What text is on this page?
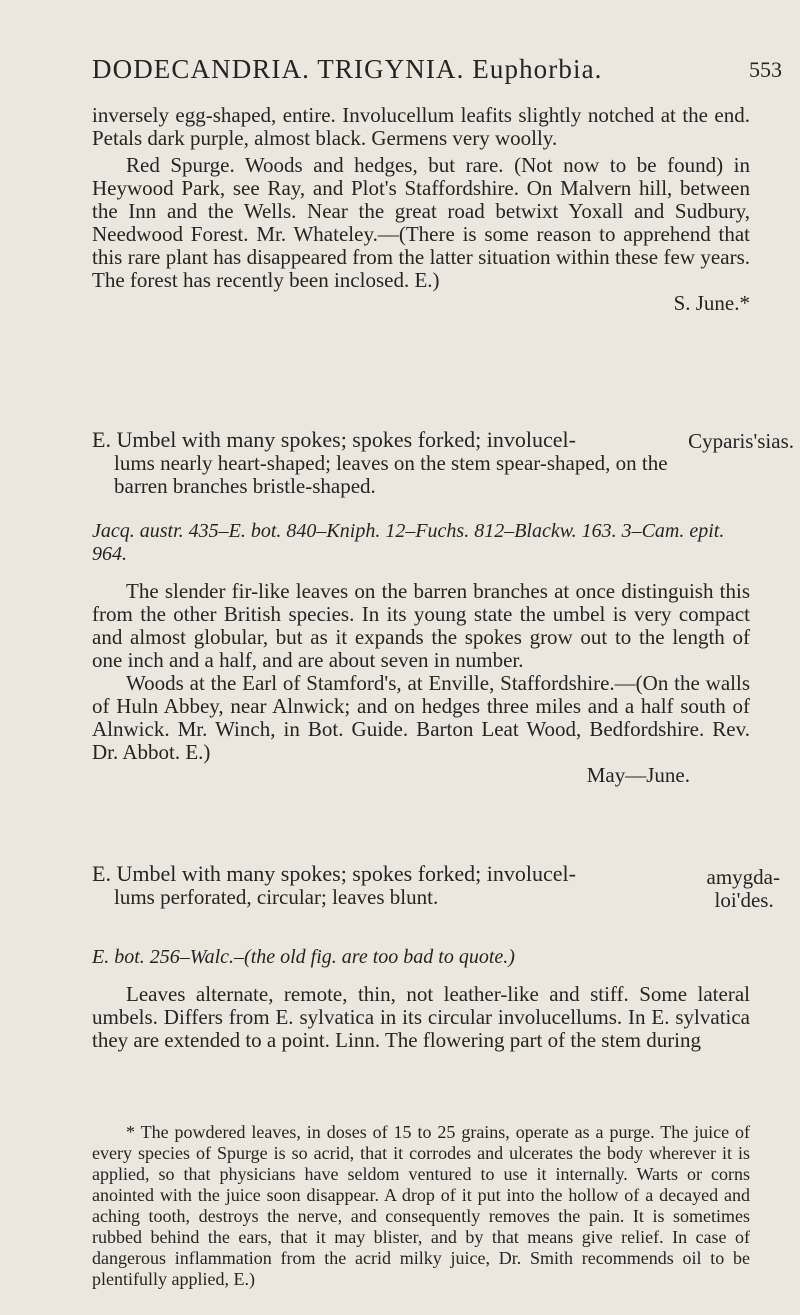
DODECANDRIA. TRIGYNIA. Euphorbia.	553

inversely egg-shaped, entire. Involucellum leafits slightly notched at the end. Petals dark purple, almost black. Germens very woolly.

Red Spurge. Woods and hedges, but rare. (Not now to be found) in Heywood Park, see Ray, and Plot's Staffordshire. On Malvern hill, between the Inn and the Wells. Near the great road betwixt Yoxall and Sudbury, Needwood Forest. Mr. Whateley.—(There is some reason to apprehend that this rare plant has disappeared from the latter situation within these few years. The forest has recently been inclosed. E.)

S. June.*

E. Umbel with many spokes; spokes forked; involucel-

lums nearly heart-shaped; leaves on the stem spear-shaped, on the barren branches bristle-shaped.

Cyparis'sias.

Jacq. austr. 435–E. bot. 840–Kniph. 12–Fuchs. 812–Blackw. 163. 3–Cam. epit. 964.

The slender fir-like leaves on the barren branches at once distinguish this from the other British species. In its young state the umbel is very compact and almost globular, but as it expands the spokes grow out to the length of one inch and a half, and are about seven in number.

Woods at the Earl of Stamford's, at Enville, Staffordshire.—(On the walls of Huln Abbey, near Alnwick; and on hedges three miles and a half south of Alnwick. Mr. Winch, in Bot. Guide. Barton Leat Wood, Bedfordshire. Rev. Dr. Abbot. E.)

May—June.

E. Umbel with many spokes; spokes forked; involucel-

lums perforated, circular; leaves blunt.

amygda-
loi'des.

E. bot. 256–Walc.–(the old fig. are too bad to quote.)

Leaves alternate, remote, thin, not leather-like and stiff. Some lateral umbels. Differs from E. sylvatica in its circular involucellums. In E. sylvatica they are extended to a point. Linn. The flowering part of the stem during

* The powdered leaves, in doses of 15 to 25 grains, operate as a purge. The juice of every species of Spurge is so acrid, that it corrodes and ulcerates the body wherever it is applied, so that physicians have seldom ventured to use it internally. Warts or corns anointed with the juice soon disappear. A drop of it put into the hollow of a decayed and aching tooth, destroys the nerve, and consequently removes the pain. It is sometimes rubbed behind the ears, that it may blister, and by that means give relief. In case of dangerous inflammation from the acrid milky juice, Dr. Smith recommends oil to be plentifully applied, E.)
